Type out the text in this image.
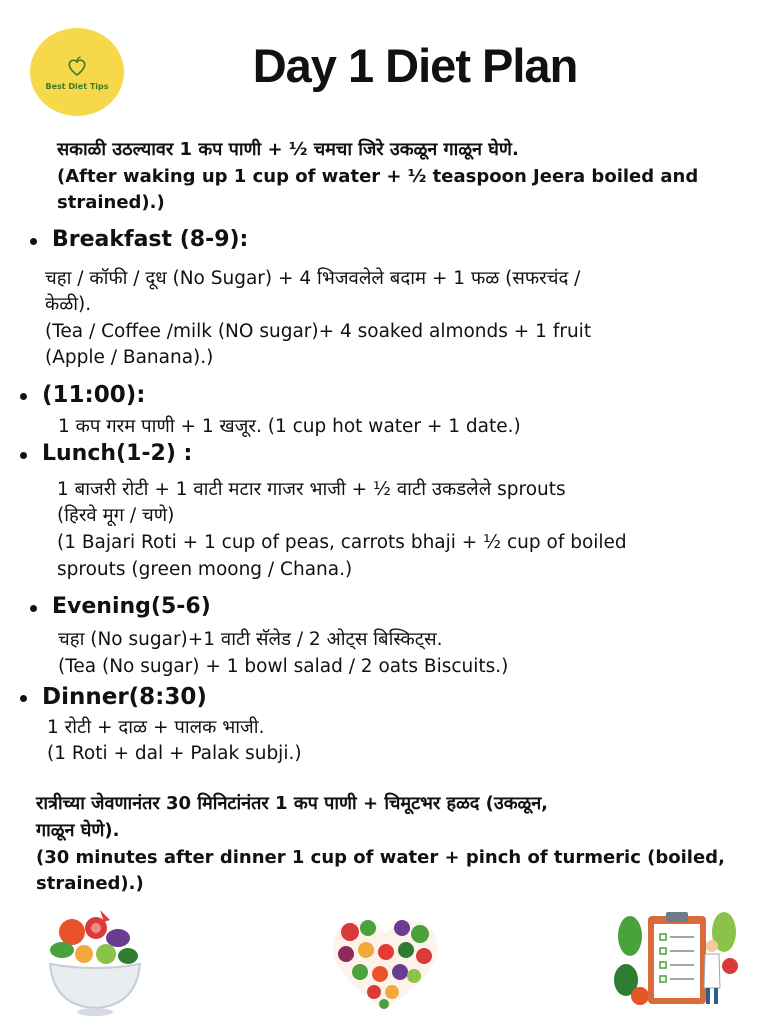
Best Diet Tips	Day 1 Diet Plan
सकाळी उठल्यावर 1 कप पाणी + ½ चमचा जिरे उकळून गाळून घेणे.
(After waking up 1 cup of water + ½ teaspoon Jeera boiled and
strained).)
Breakfast (8-9):
चहा / कॉफी / दूध (No Sugar) + 4 भिजवलेले बदाम + 1 फळ (सफरचंद /
केळी).
(Tea / Coffee /milk (NO sugar)+ 4 soaked almonds + 1 fruit
(Apple / Banana).)
(11:00):
1 कप गरम पाणी + 1 खजूर. (1 cup hot water + 1 date.)
Lunch(1-2) :
1 बाजरी रोटी + 1 वाटी मटार गाजर भाजी + ½ वाटी उकडलेले sprouts
(हिरवे मूग / चणे)
(1 Bajari Roti + 1 cup of peas, carrots bhaji + ½ cup of boiled
sprouts (green moong / Chana.)
Evening(5-6)
चहा (No sugar)+1 वाटी सॅलेड / 2 ओट्स बिस्किट्स.
(Tea (No sugar) + 1 bowl salad / 2 oats Biscuits.)
Dinner(8:30)
1 रोटी + दाळ + पालक भाजी.
(1 Roti + dal + Palak subji.)
रात्रीच्या जेवणानंतर 30 मिनिटांनंतर 1 कप पाणी + चिमूटभर हळद (उकळून,
गाळून घेणे).
(30 minutes after dinner 1 cup of water + pinch of turmeric (boiled,
strained).)
